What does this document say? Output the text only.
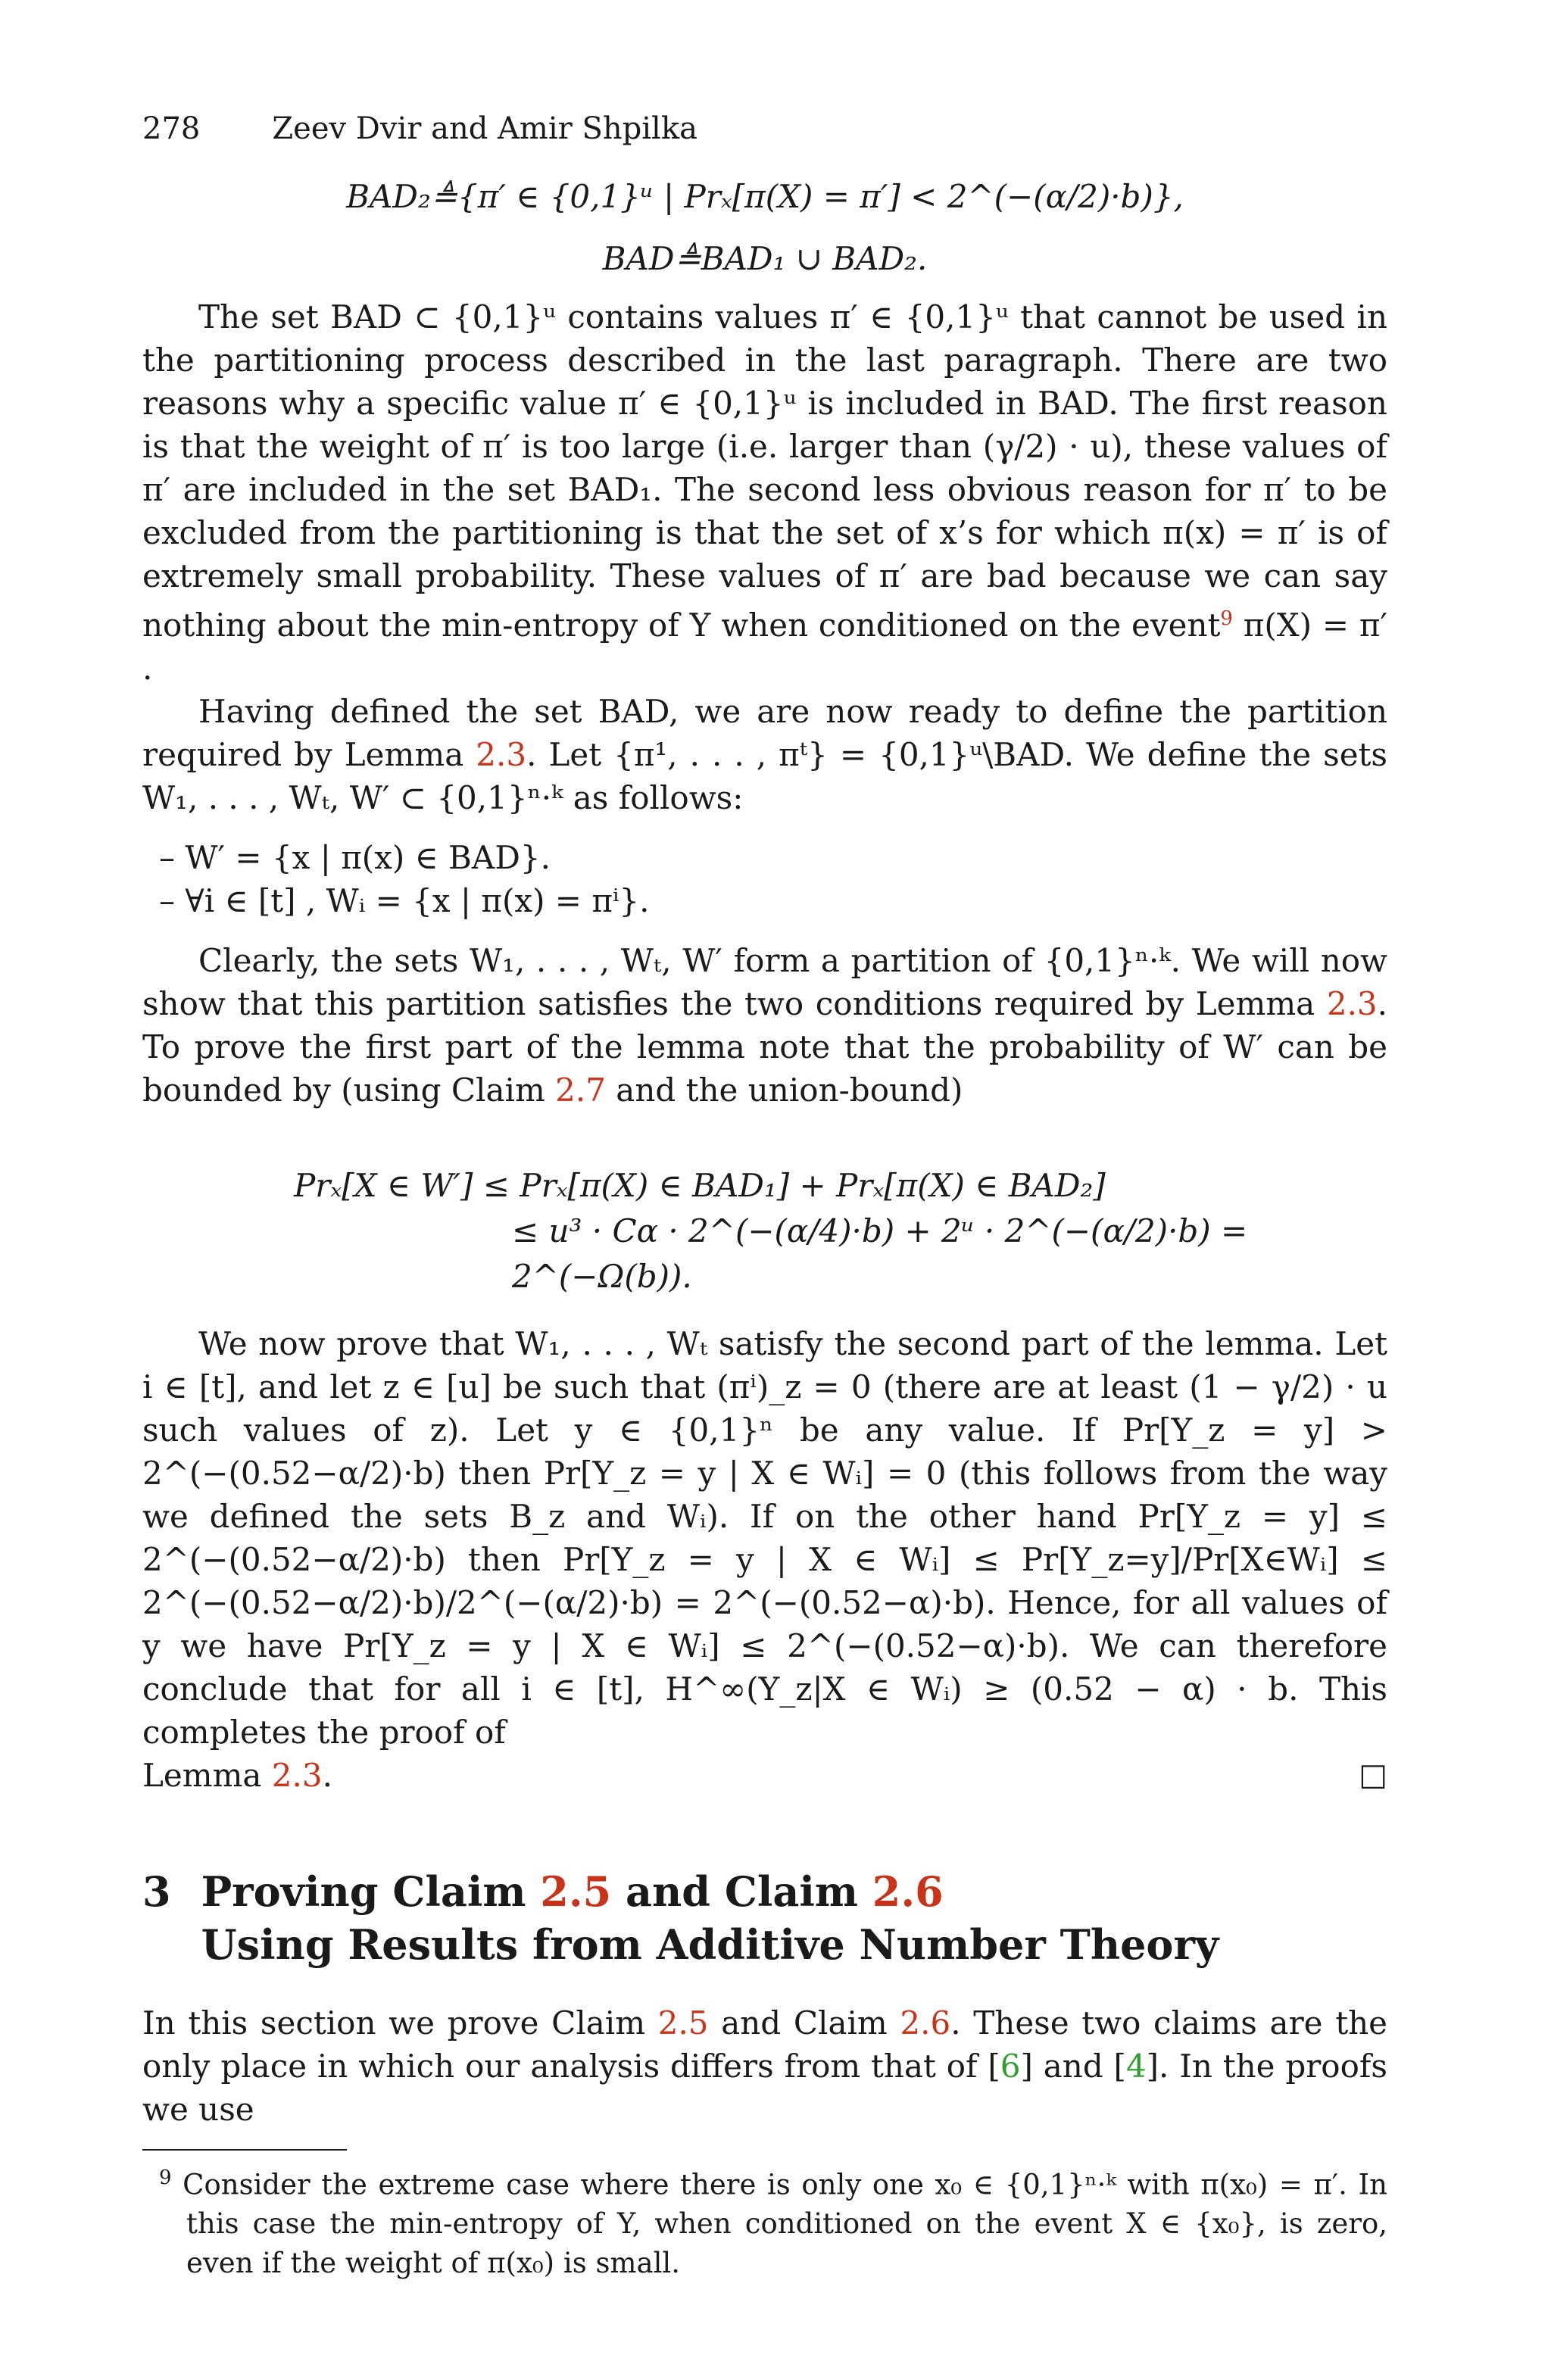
278 Zeev Dvir and Amir Shpilka
BAD₂≜{π′ ∈ {0,1}ᵘ | Prₓ[π(X) = π′] < 2^(−(α/2)·b)},
BAD≜BAD₁ ∪ BAD₂.

The set BAD ⊂ {0,1}ᵘ contains values π′ ∈ {0,1}ᵘ that cannot be used in the partitioning process described in the last paragraph. There are two reasons why a specific value π′ ∈ {0,1}ᵘ is included in BAD. The first reason is that the weight of π′ is too large (i.e. larger than (γ/2) · u), these values of π′ are included in the set BAD₁. The second less obvious reason for π′ to be excluded from the partitioning is that the set of x’s for which π(x) = π′ is of extremely small probability. These values of π′ are bad because we can say nothing about the min-entropy of Y when conditioned on the event$^9$ π(X) = π′ .

Having defined the set BAD, we are now ready to define the partition required by Lemma 2.3. Let {π¹, . . . , πᵗ} = {0,1}ᵘ\BAD. We define the sets W₁, . . . , Wₜ, W′ ⊂ {0,1}ⁿ·ᵏ as follows:

– W′ = {x | π(x) ∈ BAD}.
– ∀i ∈ [t] , Wᵢ = {x | π(x) = πⁱ}.

Clearly, the sets W₁, . . . , Wₜ, W′ form a partition of {0,1}ⁿ·ᵏ. We will now show that this partition satisfies the two conditions required by Lemma 2.3. To prove the first part of the lemma note that the probability of W′ can be bounded by (using Claim 2.7 and the union-bound)

Prₓ[X ∈ W′] ≤ Prₓ[π(X) ∈ BAD₁] + Prₓ[π(X) ∈ BAD₂]
≤ u³ · Cα · 2^(−(α/4)·b) + 2ᵘ · 2^(−(α/2)·b) = 2^(−Ω(b)).

We now prove that W₁, . . . , Wₜ satisfy the second part of the lemma. Let i ∈ [t], and let z ∈ [u] be such that (πⁱ)_z = 0 (there are at least (1 − γ/2) · u such values of z). Let y ∈ {0,1}ⁿ be any value. If Pr[Y_z = y] > 2^(−(0.52−α/2)·b) then Pr[Y_z = y | X ∈ Wᵢ] = 0 (this follows from the way we defined the sets B_z and Wᵢ). If on the other hand Pr[Y_z = y] ≤ 2^(−(0.52−α/2)·b) then Pr[Y_z = y | X ∈ Wᵢ] ≤ Pr[Y_z=y]/Pr[X∈Wᵢ] ≤ 2^(−(0.52−α/2)·b)/2^(−(α/2)·b) = 2^(−(0.52−α)·b). Hence, for all values of y we have Pr[Y_z = y | X ∈ Wᵢ] ≤ 2^(−(0.52−α)·b). We can therefore conclude that for all i ∈ [t], H^∞(Y_z|X ∈ Wᵢ) ≥ (0.52 − α) · b. This completes the proof of

Lemma 2.3.	□
3 Proving Claim 2.5 and Claim 2.6
Using Results from Additive Number Theory

In this section we prove Claim 2.5 and Claim 2.6. These two claims are the only place in which our analysis differs from that of [6] and [4]. In the proofs we use

$^9$ Consider the extreme case where there is only one x₀ ∈ {0,1}ⁿ·ᵏ with π(x₀) = π′. In this case the min-entropy of Y, when conditioned on the event X ∈ {x₀}, is zero, even if the weight of π(x₀) is small.
